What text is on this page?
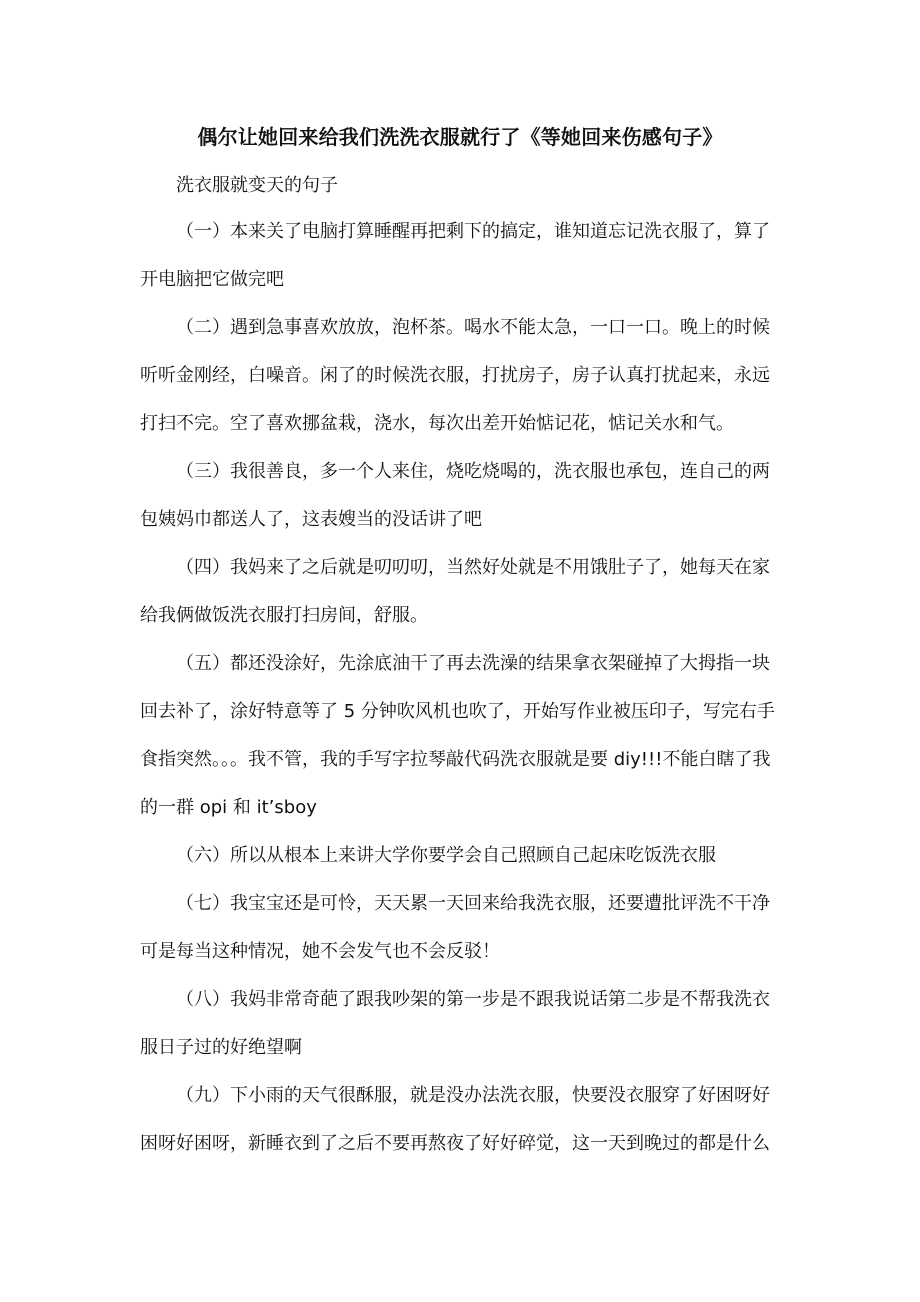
偶尔让她回来给我们洗洗衣服就行了《等她回来伤感句子》
洗衣服就变天的句子
（一）本来关了电脑打算睡醒再把剩下的搞定，谁知道忘记洗衣服了，算了
开电脑把它做完吧
（二）遇到急事喜欢放放，泡杯茶。喝水不能太急，一口一口。晚上的时候
听听金刚经，白噪音。闲了的时候洗衣服，打扰房子，房子认真打扰起来，永远
打扫不完。空了喜欢挪盆栽，浇水，每次出差开始惦记花，惦记关水和气。
（三）我很善良，多一个人来住，烧吃烧喝的，洗衣服也承包，连自己的两
包姨妈巾都送人了，这表嫂当的没话讲了吧
（四）我妈来了之后就是叨叨叨，当然好处就是不用饿肚子了，她每天在家
给我俩做饭洗衣服打扫房间，舒服。
（五）都还没涂好，先涂底油干了再去洗澡的结果拿衣架碰掉了大拇指一块
回去补了，涂好特意等了 5 分钟吹风机也吹了，开始写作业被压印子，写完右手
食指突然。。。我不管，我的手写字拉琴敲代码洗衣服就是要 diy!!!不能白瞎了我
的一群 opi 和 it’sboy
（六）所以从根本上来讲大学你要学会自己照顾自己起床吃饭洗衣服
（七）我宝宝还是可怜，天天累一天回来给我洗衣服，还要遭批评洗不干净
可是每当这种情况，她不会发气也不会反驳！
（八）我妈非常奇葩了跟我吵架的第一步是不跟我说话第二步是不帮我洗衣
服日子过的好绝望啊
（九）下小雨的天气很酥服，就是没办法洗衣服，快要没衣服穿了好困呀好
困呀好困呀，新睡衣到了之后不要再熬夜了好好碎觉，这一天到晚过的都是什么
